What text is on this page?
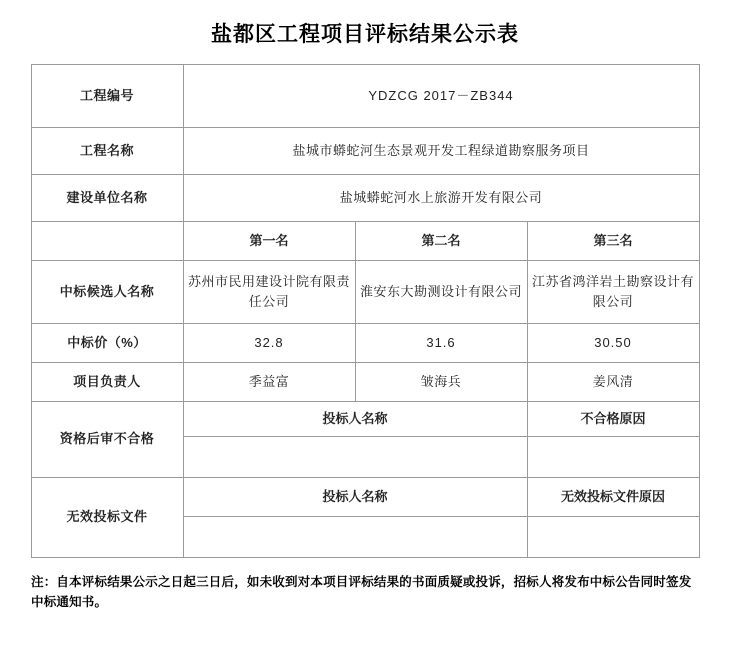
盐都区工程项目评标结果公示表
工程编号	YDZCG 2017－ZB344		
工程名称	盐城市蟒蛇河生态景观开发工程绿道勘察服务项目		
建设单位名称	盐城蟒蛇河水上旅游开发有限公司		
	第一名	第二名	第三名
中标候选人名称	苏州市民用建设计院有限责任公司	淮安东大勘测设计有限公司	江苏省鸿洋岩土勘察设计有限公司
中标价（%）	32.8	31.6	30.50
项目负责人	季益富	皱海兵	姜风清
资格后审不合格	投标人名称		不合格原因

无效投标文件	投标人名称		无效投标文件原因

注：自本评标结果公示之日起三日后，如未收到对本项目评标结果的书面质疑或投诉，招标人将发布中标公告同时签发中标通知书。
